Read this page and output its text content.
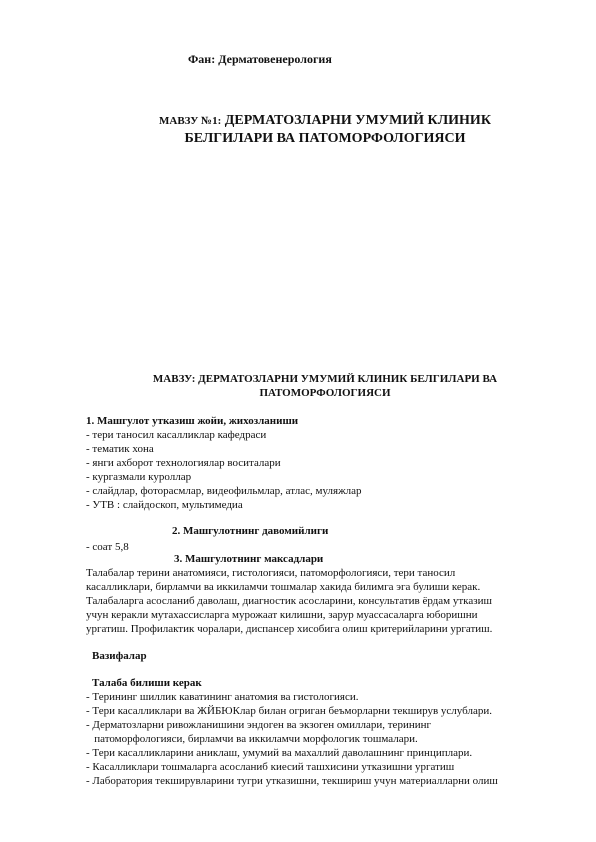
Фан: Дерматовенерология
МАВЗУ №1: ДЕРМАТОЗЛАРНИ УМУМИЙ КЛИНИК
БЕЛГИЛАРИ ВА ПАТОМОРФОЛОГИЯСИ
МАВЗУ: ДЕРМАТОЗЛАРНИ УМУМИЙ КЛИНИК БЕЛГИЛАРИ ВА
ПАТОМОРФОЛОГИЯСИ
1. Машгулот утказиш жойи, жихозланиши
- тери таносил касалликлар кафедраси
- тематик хона
- янги ахборот технологиялар воситалари
- кургазмали куроллар
- слайдлар, фоторасмлар, видеофильмлар, атлас, муляжлар
- УТВ : слайдоскоп, мультимедиа
2. Машгулотнинг давомийлиги
- соат 5,8
3. Машгулотнинг максадлари
Талабалар терини анатомияси, гистологияси, патоморфологияси, тери таносил
касалликлари, бирламчи ва иккиламчи тошмалар хакида билимга эга булиши керак.
Талабаларга асосланиб даволаш, диагностик асосларини, консультатив ёрдам утказиш
учун керакли мутахассисларга мурожаат килишни, зарур муассасаларга юборишни
ургатиш. Профилактик чоралари, диспансер хисобига олиш критерийларини ургатиш.
Вазифалар
Талаба билиши керак
- Терининг шиллик каватининг анатомия ва гистологияси.
- Тери касалликлари ва ЖЙБЮКлар билан огриган беъморларни текширув услублари.
- Дерматозларни ривожланишини эндоген ва экзоген омиллари, терининг
патоморфологияси, бирламчи ва иккиламчи морфологик тошмалари.
- Тери касалликларини аниклаш, умумий ва махаллий даволашнинг принциплари.
- Касалликлари тошмаларга асосланиб киесий ташхисини утказишни ургатиш
- Лаборатория текширувларини тугри утказишни, текшириш учун материалларни олиш
